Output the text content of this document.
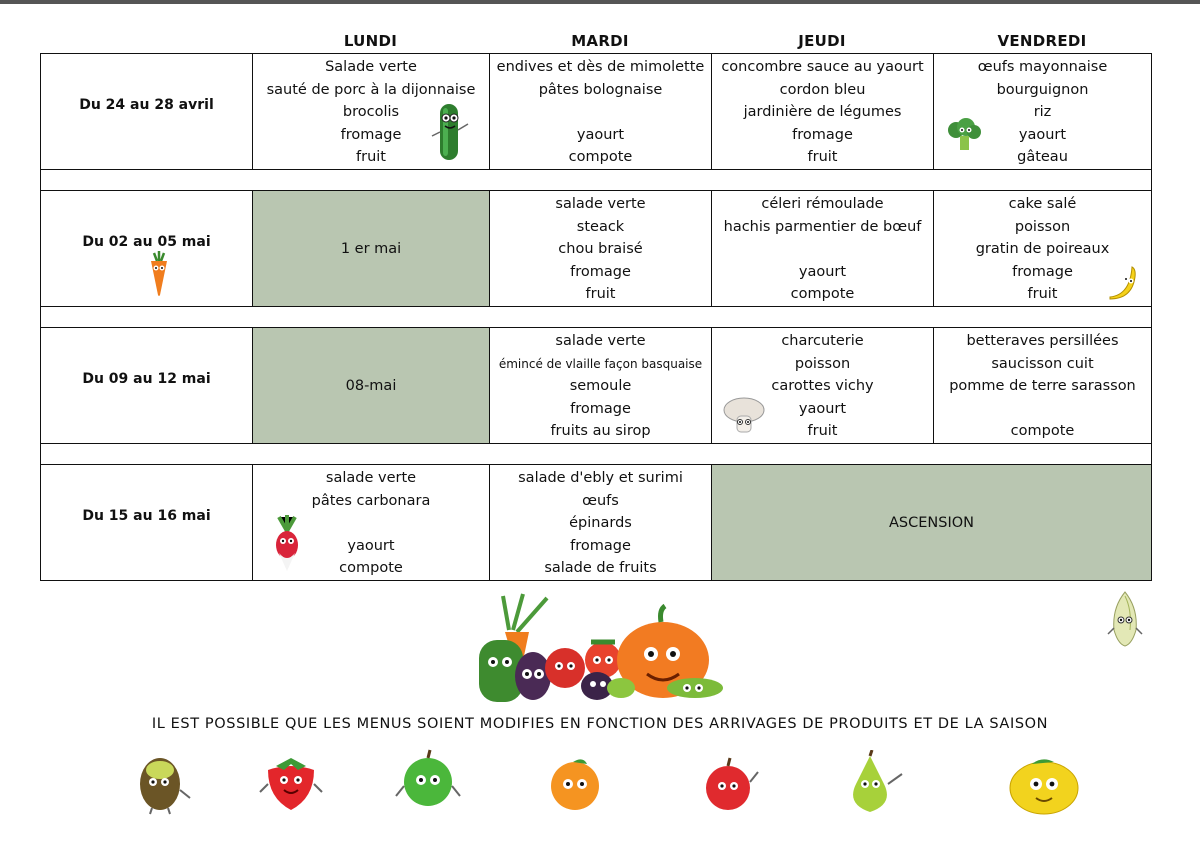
LUNDI	MARDI	JEUDI	VENDREDI
Du 24 au 28 avril	Salade verte
sauté de porc à la dijonnaise
brocolis
fromage
fruit	endives et dès de mimolette
pâtes bolognaise
yaourt
compote	concombre sauce au yaourt
cordon bleu
jardinière de légumes
fromage
fruit	œufs mayonnaise
bourguignon
riz
yaourt
gâteau

Du 02 au 05 mai	1 er mai	salade verte
steack
chou braisé
fromage
fruit	céleri rémoulade
hachis parmentier de bœuf
yaourt
compote	cake salé
poisson
gratin de poireaux
fromage
fruit

Du 09 au 12 mai	08-mai	salade verte
émincé de vlaille façon basquaise
semoule
fromage
fruits au sirop	charcuterie
poisson
carottes vichy
yaourt
fruit	betteraves persillées
saucisson cuit
pomme de terre sarasson
compote

Du 15 au 16 mai	salade verte
pâtes carbonara
yaourt
compote	salade d'ebly et surimi
œufs
épinards
fromage
salade de fruits	ASCENSION	
IL EST POSSIBLE QUE LES MENUS SOIENT MODIFIES EN FONCTION DES ARRIVAGES DE PRODUITS ET DE LA SAISON
